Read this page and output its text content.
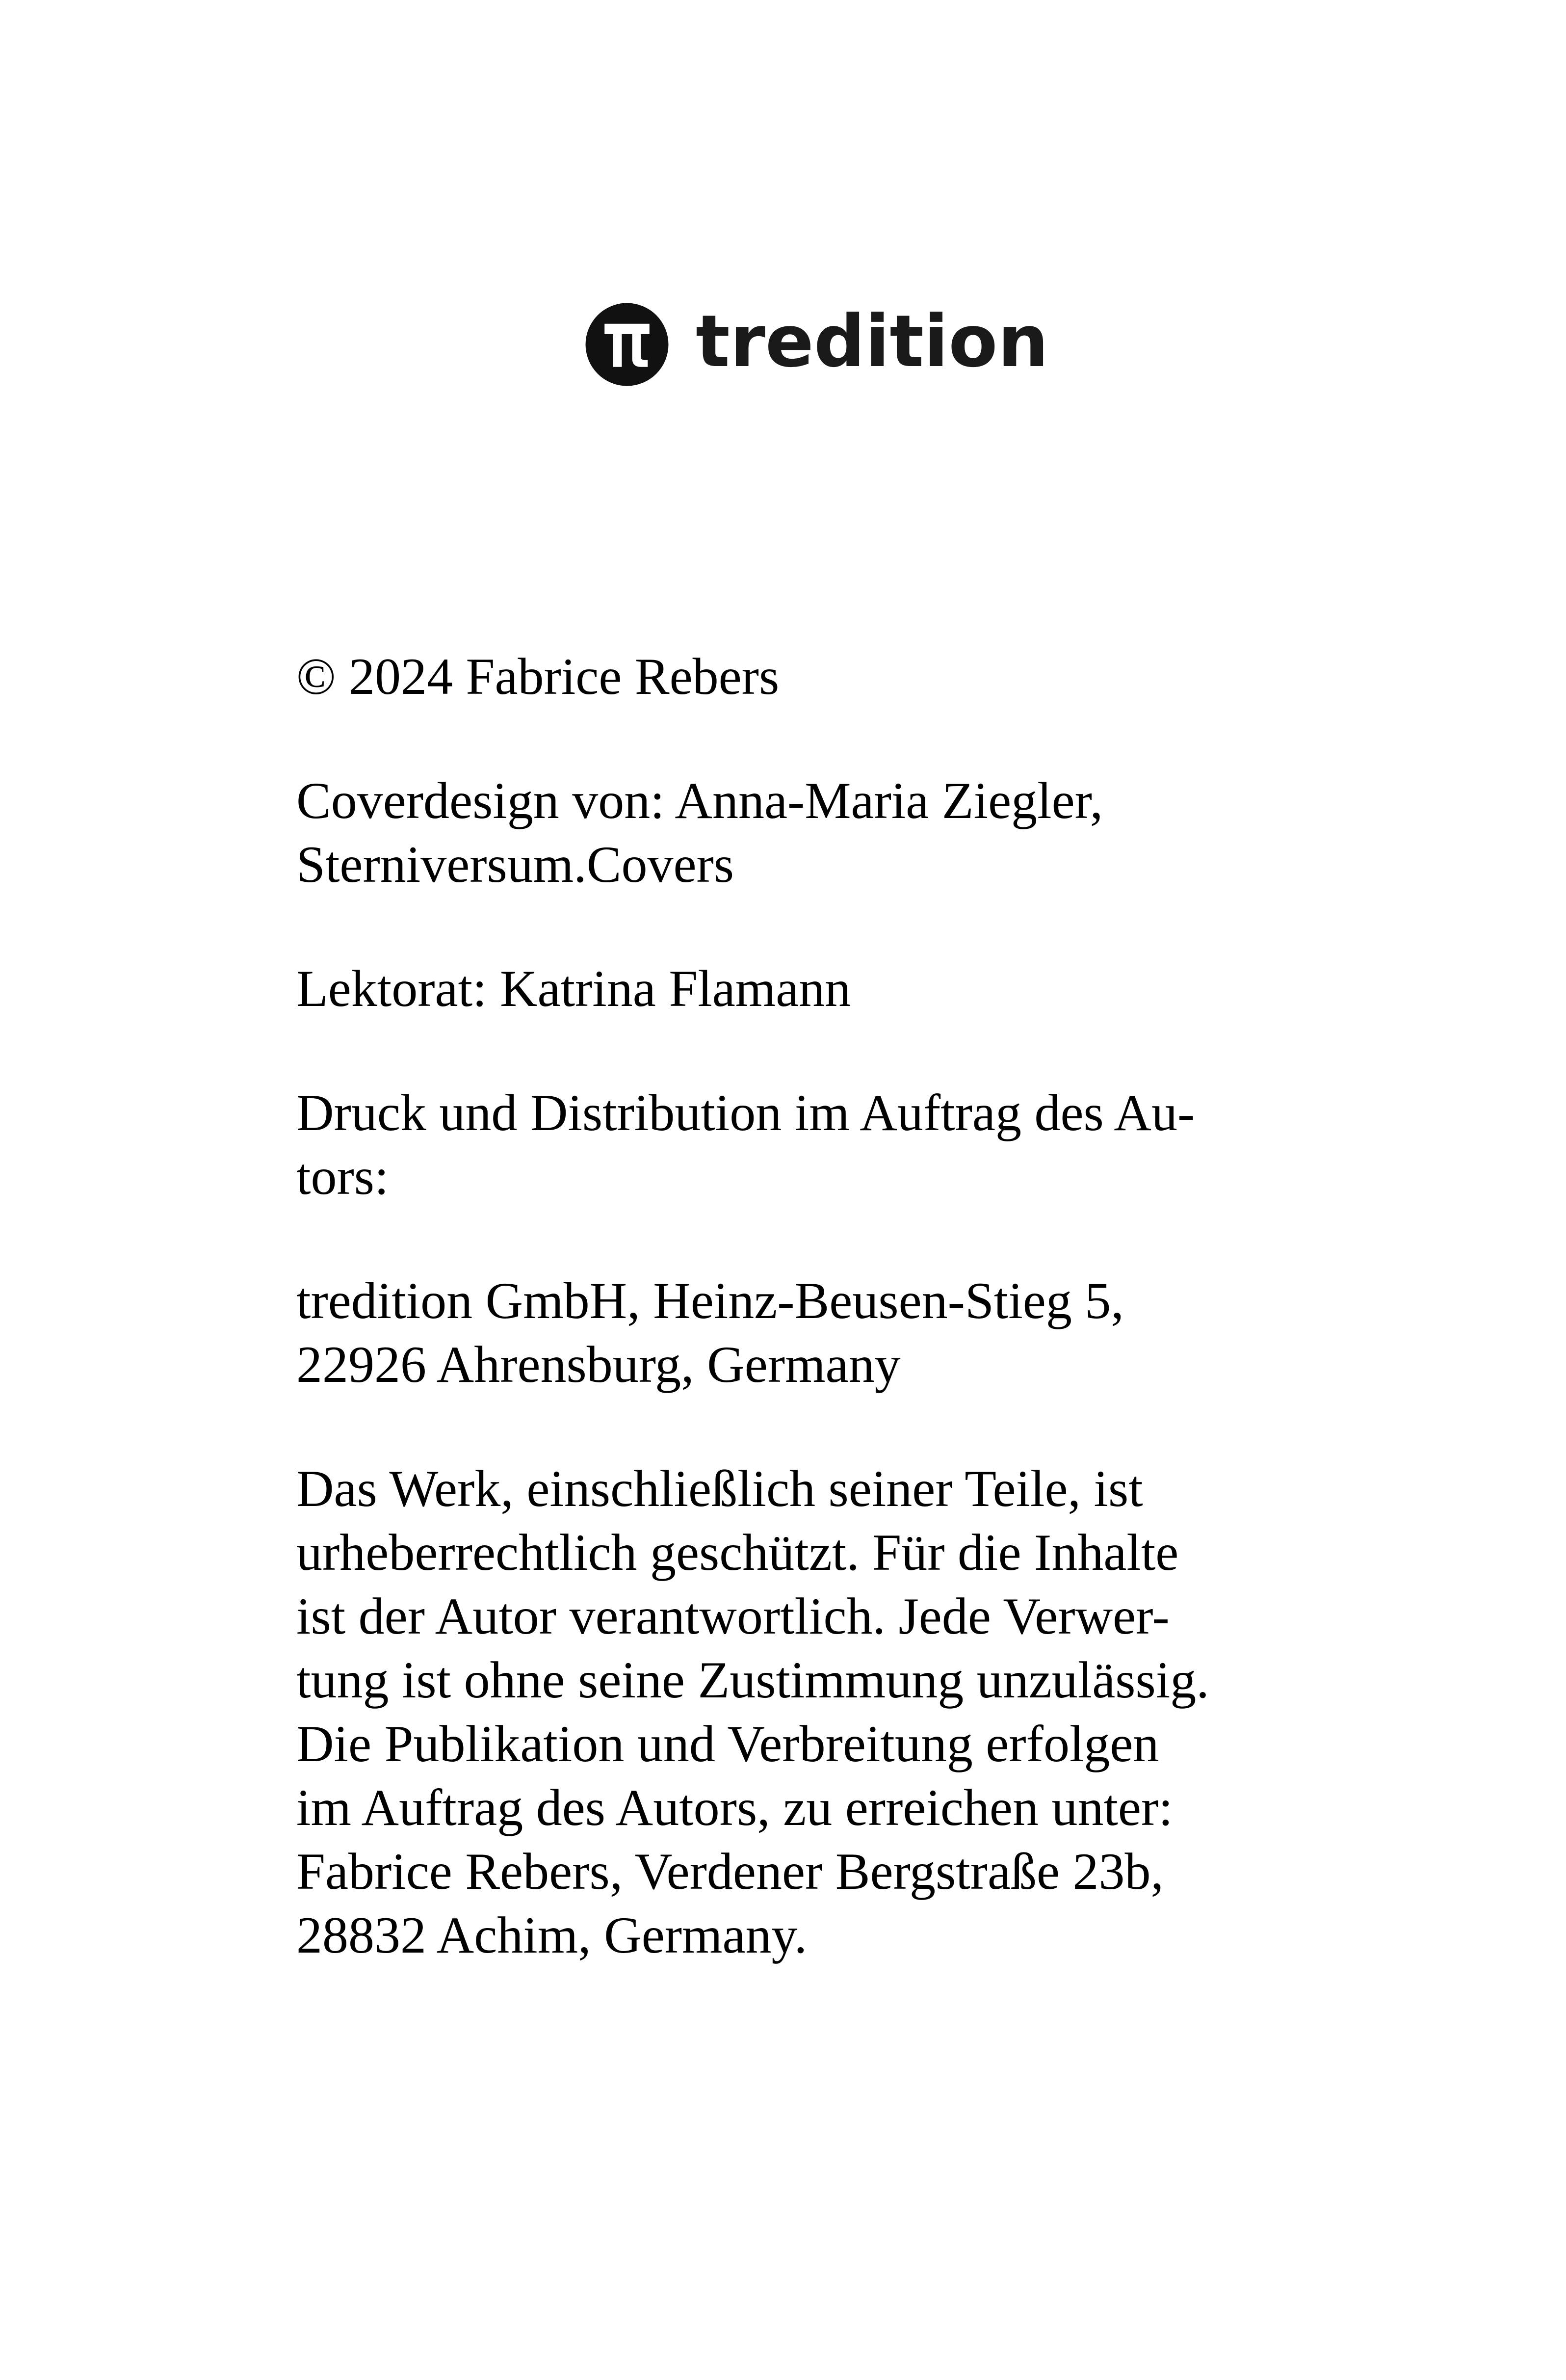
tredition

© 2024 Fabrice Rebers

Coverdesign von: Anna-Maria Ziegler,
Sterniversum.Covers

Lektorat: Katrina Flamann

Druck und Distribution im Auftrag des Au-
tors:

tredition GmbH, Heinz-Beusen-Stieg 5,
22926 Ahrensburg, Germany

Das Werk, einschließlich seiner Teile, ist
urheberrechtlich geschützt. Für die Inhalte
ist der Autor verantwortlich. Jede Verwer-
tung ist ohne seine Zustimmung unzulässig.
Die Publikation und Verbreitung erfolgen
im Auftrag des Autors, zu erreichen unter:
Fabrice Rebers, Verdener Bergstraße 23b,
28832 Achim, Germany.
